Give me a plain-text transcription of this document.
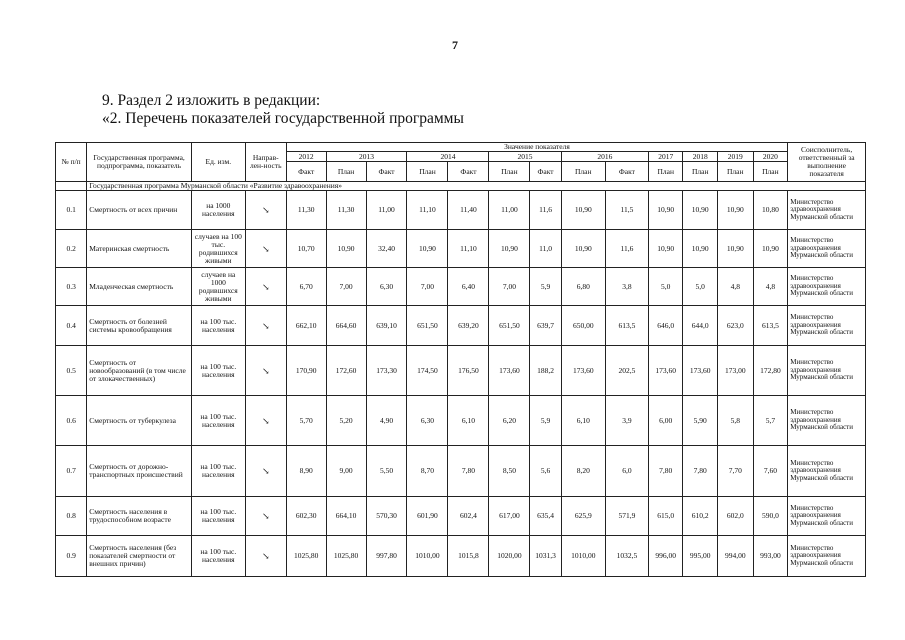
7
9. Раздел 2 изложить в редакции:
«2. Перечень показателей государственной программы
№ п/п	Государственная программа, подпрограмма, показатель	Ед. изм.	Направ-лен-ность	Значение показателя													Соисполнитель, ответственный за выполнение показателя
				2012	2013		2014		2015		2016		2017	2018	2019	2020	
				Факт	План	Факт	План	Факт	План	Факт	План	Факт	План	План	План	План	
	Государственная программа Мурманской области «Развитие здравоохранения»																
0.1	Смертность от всех причин	на 1000 населения	↘	11,30	11,30	11,00	11,10	11,40	11,00	11,6	10,90	11,5	10,90	10,90	10,90	10,80	Министерство здравоохранения Мурманской области
0.2	Материнская смертность	случаев на 100 тыс. родившихся живыми	↘	10,70	10,90	32,40	10,90	11,10	10,90	11,0	10,90	11,6	10,90	10,90	10,90	10,90	Министерство здравоохранения Мурманской области
0.3	Младенческая смертность	случаев на 1000 родившихся живыми	↘	6,70	7,00	6,30	7,00	6,40	7,00	5,9	6,80	3,8	5,0	5,0	4,8	4,8	Министерство здравоохранения Мурманской области
0.4	Смертность от болезней системы кровообращения	на 100 тыс. населения	↘	662,10	664,60	639,10	651,50	639,20	651,50	639,7	650,00	613,5	646,0	644,0	623,0	613,5	Министерство здравоохранения Мурманской области
0.5	Смертность от новообразований (в том числе от злокачественных)	на 100 тыс. населения	↘	170,90	172,60	173,30	174,50	176,50	173,60	188,2	173,60	202,5	173,60	173,60	173,00	172,80	Министерство здравоохранения Мурманской области
0.6	Смертность от туберкулеза	на 100 тыс. населения	↘	5,70	5,20	4,90	6,30	6,10	6,20	5,9	6,10	3,9	6,00	5,90	5,8	5,7	Министерство здравоохранения Мурманской области
0.7	Смертность от дорожно-транспортных происшествий	на 100 тыс. населения	↘	8,90	9,00	5,50	8,70	7,80	8,50	5,6	8,20	6,0	7,80	7,80	7,70	7,60	Министерство здравоохранения Мурманской области
0.8	Смертность населения в трудоспособном возрасте	на 100 тыс. населения	↘	602,30	664,10	570,30	601,90	602,4	617,00	635,4	625,9	571,9	615,0	610,2	602,0	590,0	Министерство здравоохранения Мурманской области
0.9	Смертность населения (без показателей смертности от внешних причин)	на 100 тыс. населения	↘	1025,80	1025,80	997,80	1010,00	1015,8	1020,00	1031,3	1010,00	1032,5	996,00	995,00	994,00	993,00	Министерство здравоохранения Мурманской области
